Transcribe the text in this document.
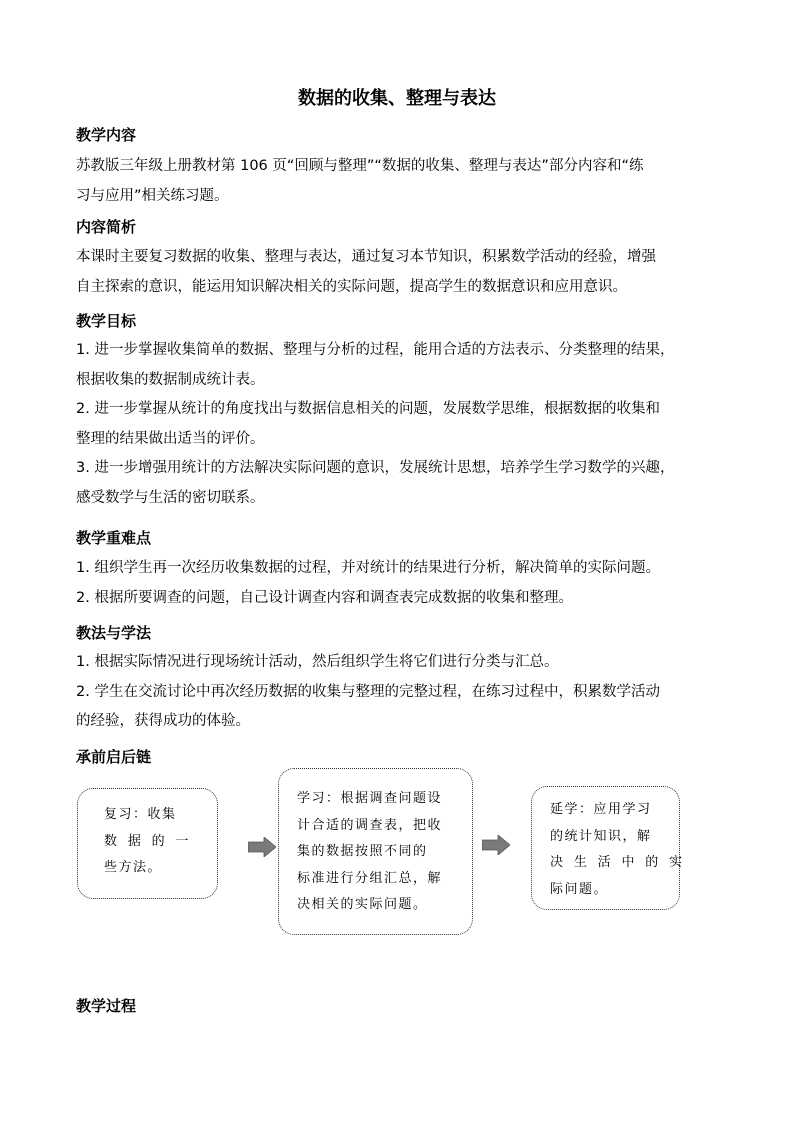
数据的收集、整理与表达
教学内容
苏教版三年级上册教材第 106 页“回顾与整理”“数据的收集、整理与表达”部分内容和“练
习与应用”相关练习题。
内容简析
本课时主要复习数据的收集、整理与表达，通过复习本节知识，积累数学活动的经验，增强
自主探索的意识，能运用知识解决相关的实际问题，提高学生的数据意识和应用意识。
教学目标
1. 进一步掌握收集简单的数据、整理与分析的过程，能用合适的方法表示、分类整理的结果，
根据收集的数据制成统计表。
2. 进一步掌握从统计的角度找出与数据信息相关的问题，发展数学思维，根据数据的收集和
整理的结果做出适当的评价。
3. 进一步增强用统计的方法解决实际问题的意识，发展统计思想，培养学生学习数学的兴趣，
感受数学与生活的密切联系。
教学重难点
1. 组织学生再一次经历收集数据的过程，并对统计的结果进行分析，解决简单的实际问题。
2. 根据所要调查的问题，自己设计调查内容和调查表完成数据的收集和整理。
教法与学法
1. 根据实际情况进行现场统计活动，然后组织学生将它们进行分类与汇总。
2. 学生在交流讨论中再次经历数据的收集与整理的完整过程，在练习过程中，积累数学活动
的经验，获得成功的体验。
承前启后链
复习：收集
数 据 的 一
些方法。
学习：根据调查问题设
计合适的调查表，把收
集的数据按照不同的
标准进行分组汇总，解
决相关的实际问题。
延学：应用学习
的统计知识，解
决 生 活 中 的 实
际问题。
教学过程
